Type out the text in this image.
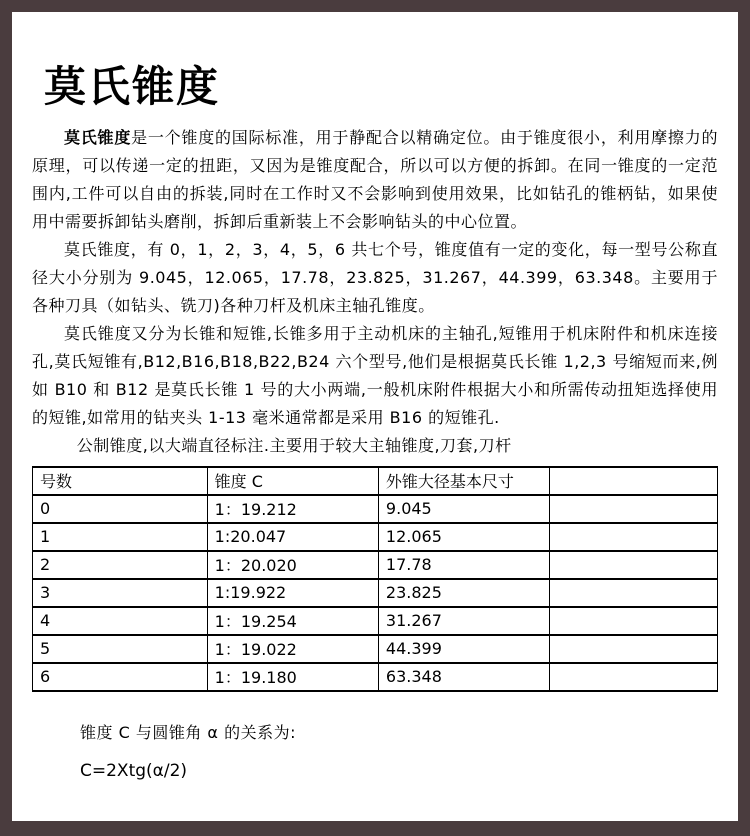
莫氏锥度

莫氏锥度是一个锥度的国际标准，用于静配合以精确定位。由于锥度很小，利用摩擦力的原理，可以传递一定的扭距，又因为是锥度配合，所以可以方便的拆卸。在同一锥度的一定范围内,工件可以自由的拆装,同时在工作时又不会影响到使用效果，比如钻孔的锥柄钻，如果使用中需要拆卸钻头磨削，拆卸后重新装上不会影响钻头的中心位置。

莫氏锥度，有 0，1，2，3，4，5，6 共七个号，锥度值有一定的变化，每一型号公称直径大小分别为 9.045，12.065，17.78，23.825，31.267，44.399，63.348。主要用于各种刀具（如钻头、铣刀)各种刀杆及机床主轴孔锥度。

莫氏锥度又分为长锥和短锥,长锥多用于主动机床的主轴孔,短锥用于机床附件和机床连接孔,莫氏短锥有,B12,B16,B18,B22,B24 六个型号,他们是根据莫氏长锥 1,2,3 号缩短而来,例如 B10 和 B12 是莫氏长锥 1 号的大小两端,一般机床附件根据大小和所需传动扭矩选择使用的短锥,如常用的钻夹头 1-13 毫米通常都是采用 B16 的短锥孔.

公制锥度,以大端直径标注.主要用于较大主轴锥度,刀套,刀杆

号数	锥度 C	外锥大径基本尺寸	
0	1：19.212	9.045	
1	1:20.047	12.065	
2	1：20.020	17.78	
3	1:19.922	23.825	
4	1：19.254	31.267	
5	1：19.022	44.399	
6	1：19.180	63.348	

锥度 C 与圆锥角 α 的关系为:

C=2Xtg(α/2)
